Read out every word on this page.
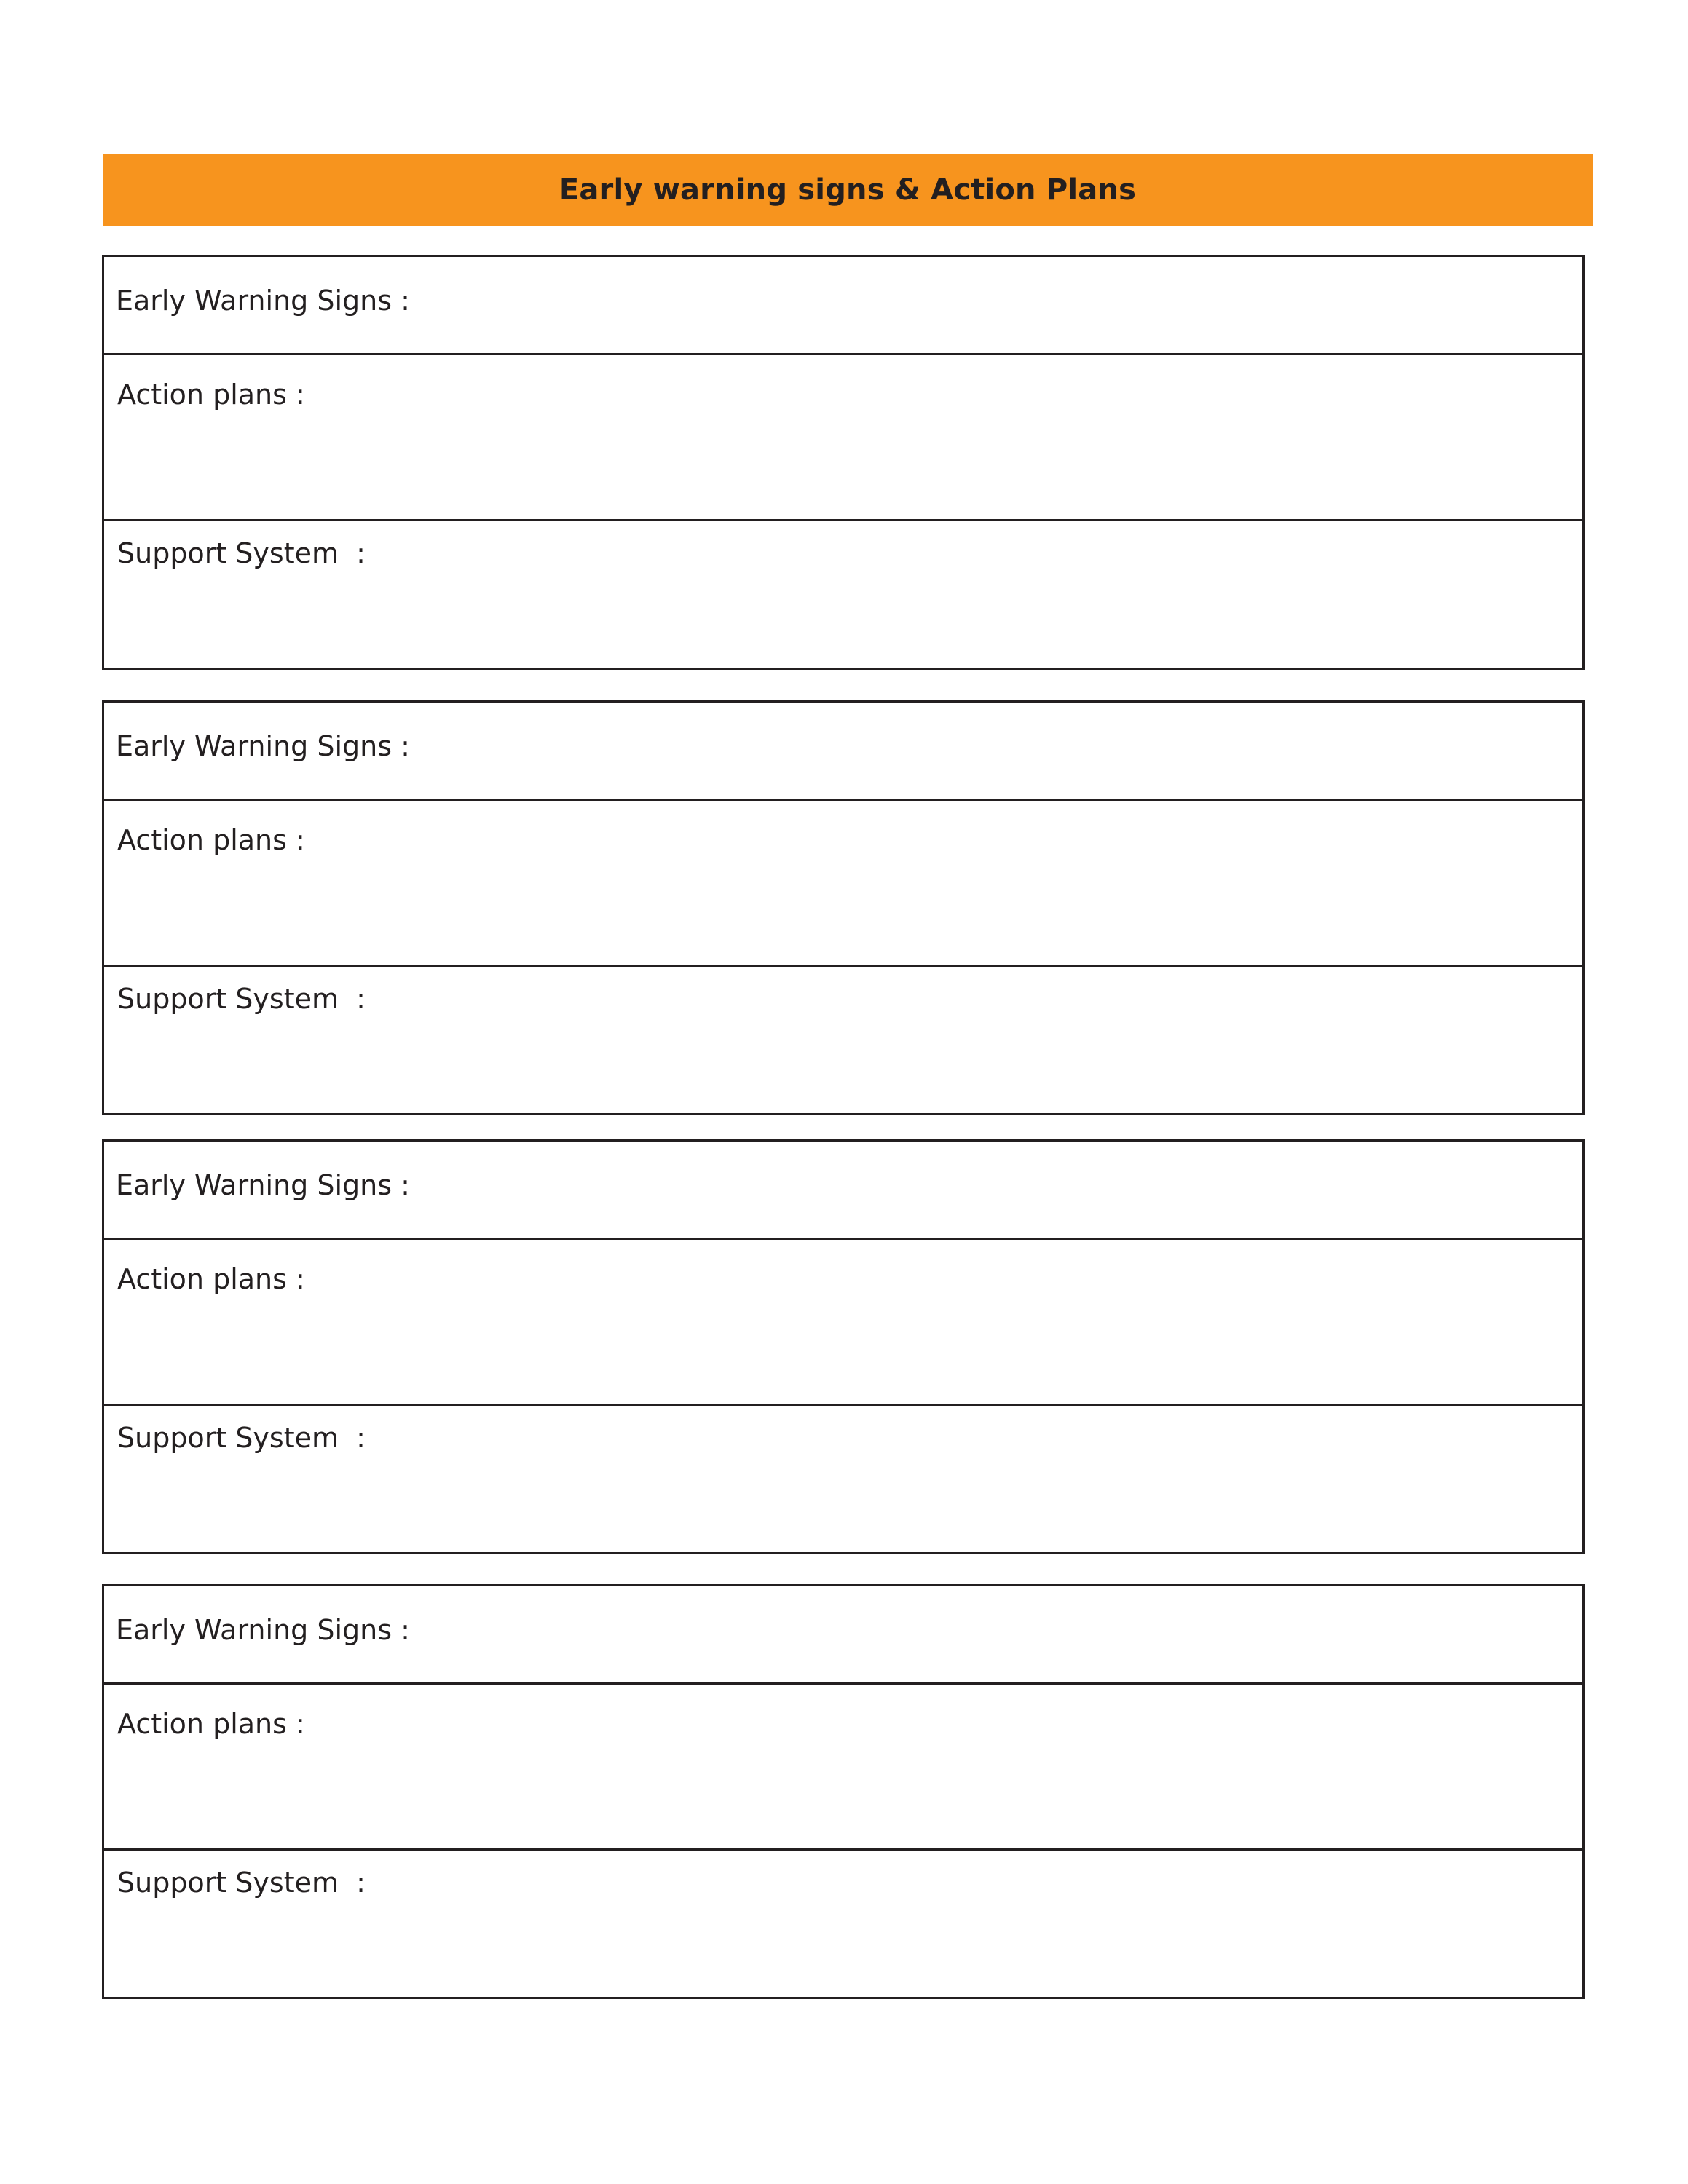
Early warning signs & Action Plans
Early Warning Signs :
Action plans :
Support System  :
Early Warning Signs :
Action plans :
Support System  :
Early Warning Signs :
Action plans :
Support System  :
Early Warning Signs :
Action plans :
Support System  :
